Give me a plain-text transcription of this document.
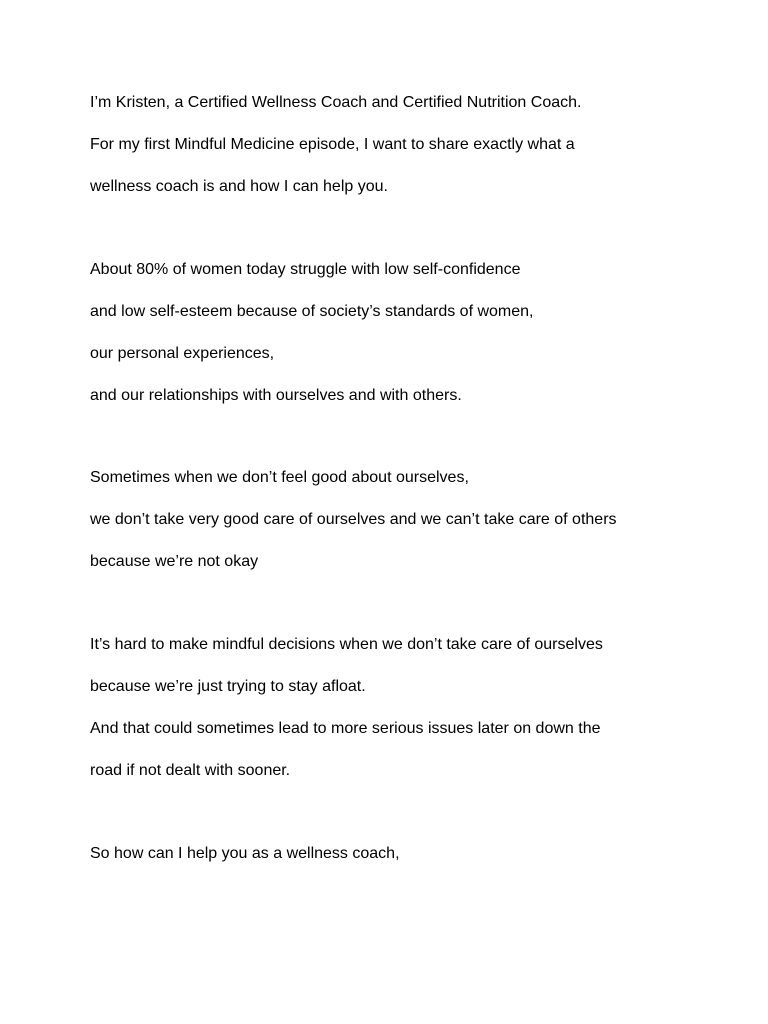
I’m Kristen, a Certified Wellness Coach and Certified Nutrition Coach.

For my first Mindful Medicine episode, I want to share exactly what a

wellness coach is and how I can help you.

About 80% of women today struggle with low self-confidence

and low self-esteem because of society’s standards of women,

our personal experiences,

and our relationships with ourselves and with others.

Sometimes when we don’t feel good about ourselves,

we don’t take very good care of ourselves and we can’t take care of others

because we’re not okay

It’s hard to make mindful decisions when we don’t take care of ourselves

because we’re just trying to stay afloat.

And that could sometimes lead to more serious issues later on down the

road if not dealt with sooner.

So how can I help you as a wellness coach,
